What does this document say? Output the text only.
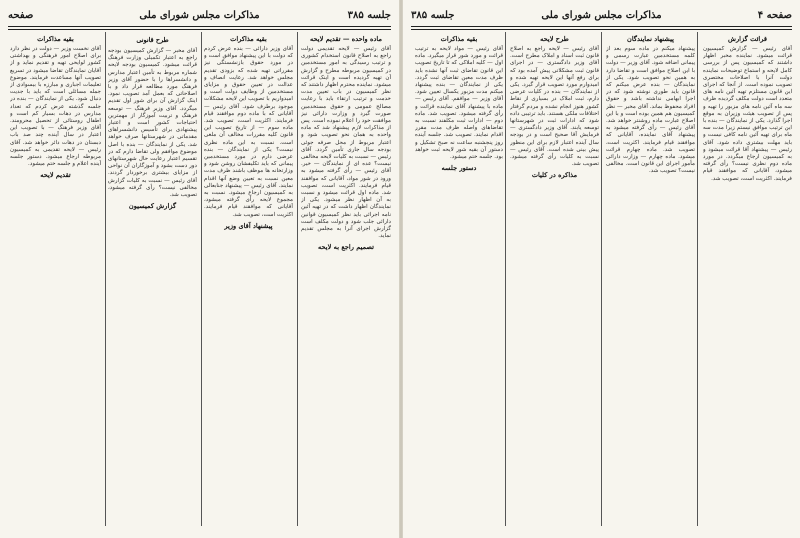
جلسه ۳۸۵
مذاکرات مجلس شورای ملی
صفحه
ماده واحده — تقدیم لایحه
آقای رئیس — لایحه تقدیمی دولت راجع به اصلاح قانون استخدام کشوری و ترتیب رسیدگی به امور مستخدمین در کمیسیون مربوطه مطرح و گزارش آن تهیه گردیده است و اینک قرائت میشود. نماینده محترم اظهار داشتند که نظر کمیسیون در باب تعیین مدت خدمت و ترتیب ارتقاء باید با رعایت مصالح عمومی و حقوق مستخدمین صورت گیرد و وزارت دارائی نیز موافقت خود را اعلام نموده است. پس از مذاکرات لازم پیشنهاد شد که ماده واحده به همان نحو تصویب شود و اعتبار مربوط از محل صرفه جوئی بودجه سال جاری تأمین گردد. آقای رئیس — نسبت به کلیات لایحه مخالفی نیست؟ عده ای از نمایندگان — خیر. آقای رئیس — رأی گرفته میشود به ورود در شور مواد، آقایانی که موافقند قیام فرمایند. اکثریت است، تصویب شد. ماده اول قرائت میشود و نسبت به آن اظهار نظر میشود. یکی از نمایندگان اظهار داشت که در تهیه آئین نامه اجرائی باید نظر کمیسیون قوانین دارائی جلب شود و دولت مکلف است گزارش اجرای آنرا به مجلس تقدیم نماید.
تصمیم راجع به لایحه
بقیه مذاکرات
آقای وزیر دارائی — بنده عرض کردم که دولت با این پیشنهاد موافق است و در مورد حقوق بازنشستگی نیز مقرراتی تهیه شده که بزودی تقدیم مجلس خواهد شد. رعایت انصاف و عدالت در تعیین حقوق و مزایای مستخدمین از وظایف دولت است و امیدواریم با تصویب این لایحه مشکلات موجود برطرف شود. آقای رئیس — آقایانی که با ماده دوم موافقند قیام فرمایند. اکثریت است، تصویب شد. ماده سوم — از تاریخ تصویب این قانون کلیه مقررات مخالف آن ملغی است. نسبت به این ماده نظری نیست؟ یکی از نمایندگان — بنده عرضی دارم در مورد مستخدمین پیمانی که باید تکلیفشان روشن شود و وزارتخانه ها موظف باشند ظرف مدت معین نسبت به تعیین وضع آنها اقدام نمایند. آقای رئیس — پیشنهاد جنابعالی به کمیسیون ارجاع میشود. نسبت به مجموع لایحه رأی گرفته میشود، آقایانی که موافقند قیام فرمایند. اکثریت است، تصویب شد.
پیشنهاد آقای وزیر
طرح قانونی
آقای مخبر — گزارش کمیسیون بودجه راجع به اعتبار تکمیلی وزارت فرهنگ قرائت میشود. کمیسیون بودجه لایحه شماره مربوط به تأمین اعتبار مدارس و دانشسراها را با حضور آقای وزیر فرهنگ مورد مطالعه قرار داد و با اصلاحاتی که بعمل آمد تصویب نمود. اینک گزارش آن برای شور اول تقدیم میگردد. آقای وزیر فرهنگ — توسعه فرهنگ و تربیت آموزگار از مهمترین احتیاجات کشور است و اعتبار پیشنهادی برای تأسیس دانشسراهای مقدماتی در شهرستانها صرف خواهد شد. یکی از نمایندگان — بنده با اصل موضوع موافقم ولی تقاضا دارم که در تقسیم اعتبار رعایت حال شهرستانهای دور دست بشود و آموزگاران آن نواحی از مزایای بیشتری برخوردار گردند. آقای رئیس — نسبت به کلیات گزارش مخالفی نیست؟ رأی گرفته میشود، تصویب شد.
گزارش کمیسیون
بقیه مذاکرات
آقای نخست وزیر — دولت در نظر دارد برای اصلاح امور فرهنگی و بهداشتی کشور لوایحی تهیه و تقدیم نماید و از آقایان نمایندگان تقاضا میشود در تسریع تصویب آنها مساعدت فرمایند. موضوع تعلیمات اجباری و مبارزه با بیسوادی از جمله مسائلی است که باید با جدیت دنبال شود. یکی از نمایندگان — بنده در جلسه گذشته عرض کردم که تعداد مدارس در دهات بسیار کم است و اطفال روستائی از تحصیل محرومند. آقای وزیر فرهنگ — با تصویب این اعتبار در سال آینده چند صد باب دبستان در دهات دائر خواهد شد. آقای رئیس — لایحه تقدیمی به کمیسیون مربوطه ارجاع میشود. دستور جلسه آینده اعلام و جلسه ختم میشود.
تقدیم لایحه
صفحه ۴
مذاکرات مجلس شورای ملی
جلسه ۳۸۵
قرائت گزارش
آقای رئیس — گزارش کمیسیون قرائت میشود. نماینده مخبر اظهار داشتند که کمیسیون پس از بررسی کامل لایحه و استماع توضیحات نماینده دولت آنرا با اصلاحات مختصری تصویب نموده است. از آنجا که اجرای این قانون مستلزم تهیه آئین نامه های متعدد است دولت مکلف گردیده ظرف سه ماه آئین نامه های مزبور را تهیه و پس از تصویب هیئت وزیران به موقع اجرا گذارد. یکی از نمایندگان — بنده با این ترتیب موافق نیستم زیرا مدت سه ماه برای تهیه آئین نامه کافی نیست و باید مهلت بیشتری داده شود. آقای رئیس — پیشنهاد آقا قرائت میشود و به کمیسیون ارجاع میگردد. در مورد ماده دوم نظری نیست؟ رأی گرفته میشود، آقایانی که موافقند قیام فرمایند. اکثریت است، تصویب شد.
پیشنهاد نمایندگان
پیشنهاد میکنم در ماده سوم بعد از کلمه مستخدمین عبارت رسمی و پیمانی اضافه شود. آقای وزیر — دولت با این اصلاح موافق است و تقاضا دارد به همین نحو تصویب شود. یکی از نمایندگان — بنده عرض میکنم که قانون باید طوری نوشته شود که در اجرا ابهامی نداشته باشد و حقوق افراد محفوظ بماند. آقای مخبر — نظر کمیسیون هم همین بوده است و با این اصلاح عبارت ماده روشنتر خواهد شد. آقای رئیس — رأی گرفته میشود به پیشنهاد آقای نماینده، آقایانی که موافقند قیام فرمایند. اکثریت است، تصویب شد. ماده چهارم قرائت میشود. ماده چهارم — وزارت دارائی مأمور اجرای این قانون است. مخالفی نیست؟ تصویب شد.
طرح لایحه
آقای رئیس — لایحه راجع به اصلاح قانون ثبت اسناد و املاک مطرح است. آقای وزیر دادگستری — در اجرای قانون ثبت مشکلاتی پیش آمده بود که برای رفع آنها این لایحه تهیه شده و امیدوارم مورد تصویب قرار گیرد. یکی از نمایندگان — بنده در کلیات عرضی دارم، ثبت املاک در بسیاری از نقاط کشور هنوز انجام نشده و مردم گرفتار اختلافات ملکی هستند. باید ترتیبی داده شود که ادارات ثبت در شهرستانها توسعه یابند. آقای وزیر دادگستری — فرمایش آقا صحیح است و در بودجه سال آینده اعتبار لازم برای این منظور پیش بینی شده است. آقای رئیس — نسبت به کلیات رأی گرفته میشود. تصویب شد.
مذاکره در کلیات
بقیه مذاکرات
آقای رئیس — مواد لایحه به ترتیب قرائت و مورد شور قرار میگیرد. ماده اول — کلیه املاکی که تا تاریخ تصویب این قانون تقاضای ثبت آنها نشده باید ظرف مدت معین تقاضای ثبت گردد. یکی از نمایندگان — بنده پیشنهاد میکنم مدت مزبور یکسال تعیین شود. آقای وزیر — موافقم. آقای رئیس — ماده با پیشنهاد آقای نماینده قرائت و رأی گرفته میشود. تصویب شد. ماده دوم — ادارات ثبت مکلفند نسبت به تقاضاهای واصله ظرف مدت مقرر اقدام نمایند. تصویب شد. جلسه آینده روز پنجشنبه ساعت نه صبح تشکیل و دستور آن بقیه شور لایحه ثبت خواهد بود. جلسه ختم میشود.
دستور جلسه
